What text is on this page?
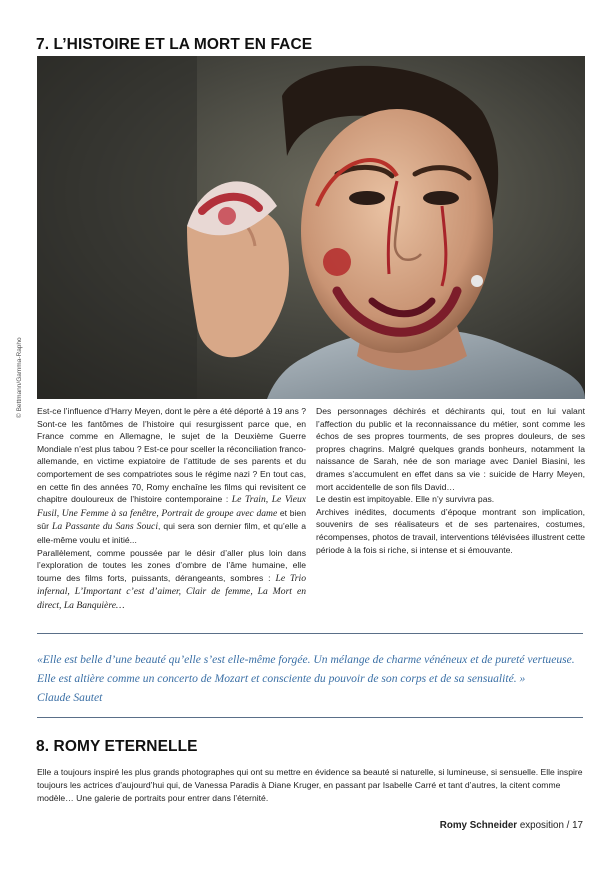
7. L’HISTOIRE ET LA MORT EN FACE
© Bettmann/Gamma-Rapho Est-ce l’influence d’Harry Meyen, dont le père a été déporté à 19 ans ? Sont-ce les fantômes de l’histoire qui resurgissent parce que, en France comme en Allemagne, le sujet de la Deuxième Guerre Mondiale n’est plus tabou ? Est-ce pour sceller la réconciliation franco-allemande, en victime expiatoire de l’attitude de ses parents et du comportement de ses compatriotes sous le régime nazi ? En tout cas, en cette fin des années 70, Romy enchaîne les films qui revisitent ce chapitre douloureux de l’histoire contemporaine : Le Train, Le Vieux Fusil, Une Femme à sa fenêtre, Portrait de groupe avec dame et bien sûr La Passante du Sans Souci, qui sera son dernier film, et qu’elle a elle-même voulu et initié...

Parallèlement, comme poussée par le désir d’aller plus loin dans l’exploration de toutes les zones d’ombre de l’âme humaine, elle tourne des films forts, puissants, dérangeants, sombres : Le Trio infernal, L’Important c’est d’aimer, Clair de femme, La Mort en direct, La Banquière…

Des personnages déchirés et déchirants qui, tout en lui valant l’affection du public et la reconnaissance du métier, sont comme les échos de ses propres tourments, de ses propres douleurs, de ses propres chagrins. Malgré quelques grands bonheurs, notamment la naissance de Sarah, née de son mariage avec Daniel Biasini, les drames s’accumulent en effet dans sa vie : suicide de Harry Meyen, mort accidentelle de son fils David…

Le destin est impitoyable. Elle n’y survivra pas.

Archives inédites, documents d’époque montrant son implication, souvenirs de ses réalisateurs et de ses partenaires, costumes, récompenses, photos de travail, interventions télévisées illustrent cette période à la fois si riche, si intense et si émouvante.

«Elle est belle d’une beauté qu’elle s’est elle-même forgée. Un mélange de charme vénéneux et de pureté vertueuse.

Elle est altière comme un concerto de Mozart et consciente du pouvoir de son corps et de sa sensualité. »

Claude Sautet

8. ROMY ETERNELLE

Elle a toujours inspiré les plus grands photographes qui ont su mettre en évidence sa beauté si naturelle, si lumineuse, si sensuelle. Elle inspire toujours les actrices d’aujourd’hui qui, de Vanessa Paradis à Diane Kruger, en passant par Isabelle Carré et tant d’autres, la citent comme modèle… Une galerie de portraits pour entrer dans l’éternité.

Romy Schneider exposition / 17
